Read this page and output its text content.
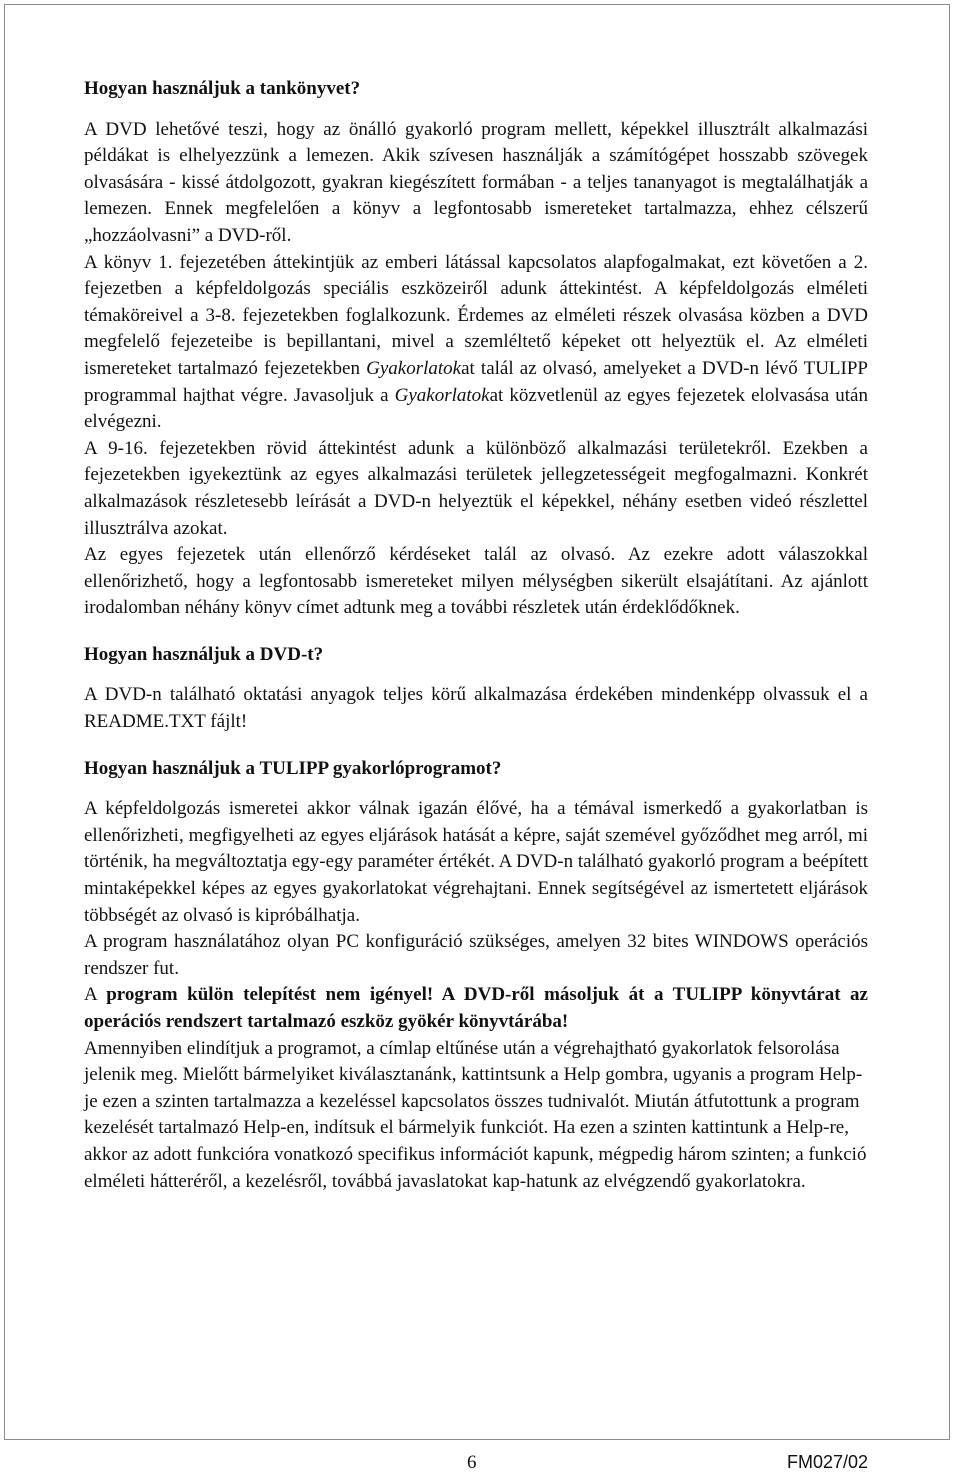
Hogyan használjuk a tankönyvet?

A DVD lehetővé teszi, hogy az önálló gyakorló program mellett, képekkel illusztrált alkalmazási példákat is elhelyezzünk a lemezen. Akik szívesen használják a számítógépet hosszabb szövegek olvasására - kissé átdolgozott, gyakran kiegészített formában - a teljes tananyagot is megtalálhatják a lemezen. Ennek megfelelően a könyv a legfontosabb ismereteket tartalmazza, ehhez célszerű „hozzáolvasni” a DVD-ről.

A könyv 1. fejezetében áttekintjük az emberi látással kapcsolatos alapfogalmakat, ezt követően a 2. fejezetben a képfeldolgozás speciális eszközeiről adunk áttekintést. A képfeldolgozás elméleti témaköreivel a 3-8. fejezetekben foglalkozunk. Érdemes az elméleti részek olvasása közben a DVD megfelelő fejezeteibe is bepillantani, mivel a szemléltető képeket ott helyeztük el. Az elméleti ismereteket tartalmazó fejezetekben Gyakorlatokat talál az olvasó, amelyeket a DVD-n lévő TULIPP programmal hajthat végre. Javasoljuk a Gyakorlatokat közvetlenül az egyes fejezetek elolvasása után elvégezni.

A 9-16. fejezetekben rövid áttekintést adunk a különböző alkalmazási területekről. Ezekben a fejezetekben igyekeztünk az egyes alkalmazási területek jellegzetességeit megfogalmazni. Konkrét alkalmazások részletesebb leírását a DVD-n helyeztük el képekkel, néhány esetben videó részlettel illusztrálva azokat.

Az egyes fejezetek után ellenőrző kérdéseket talál az olvasó. Az ezekre adott válaszokkal ellenőrizhető, hogy a legfontosabb ismereteket milyen mélységben sikerült elsajátítani. Az ajánlott irodalomban néhány könyv címet adtunk meg a további részletek után érdeklődőknek.

Hogyan használjuk a DVD-t?

A DVD-n található oktatási anyagok teljes körű alkalmazása érdekében mindenképp olvassuk el a README.TXT fájlt!

Hogyan használjuk a TULIPP gyakorlóprogramot?

A képfeldolgozás ismeretei akkor válnak igazán élővé, ha a témával ismerkedő a gyakorlatban is ellenőrizheti, megfigyelheti az egyes eljárások hatását a képre, saját szemével győződhet meg arról, mi történik, ha megváltoztatja egy-egy paraméter értékét. A DVD-n található gyakorló program a beépített mintaképekkel képes az egyes gyakorlatokat végrehajtani. Ennek segítségével az ismertetett eljárások többségét az olvasó is kipróbálhatja.

A program használatához olyan PC konfiguráció szükséges, amelyen 32 bites WINDOWS operációs rendszer fut.

A program külön telepítést nem igényel! A DVD-ről másoljuk át a TULIPP könyvtárat az operációs rendszert tartalmazó eszköz gyökér könyvtárába!

Amennyiben elindítjuk a programot, a címlap eltűnése után a végrehajtható gyakorlatok felsorolása jelenik meg. Mielőtt bármelyiket kiválasztanánk, kattintsunk a Help gombra, ugyanis a program Help-je ezen a szinten tartalmazza a kezeléssel kapcsolatos összes tudnivalót. Miután átfutottunk a program kezelését tartalmazó Help-en, indítsuk el bármelyik funkciót. Ha ezen a szinten kattintunk a Help-re, akkor az adott funkcióra vonatkozó specifikus információt kapunk, mégpedig három szinten; a funkció elméleti hátteréről, a kezelésről, továbbá javaslatokat kap-hatunk az elvégzendő gyakorlatokra.

6	FM027/02
